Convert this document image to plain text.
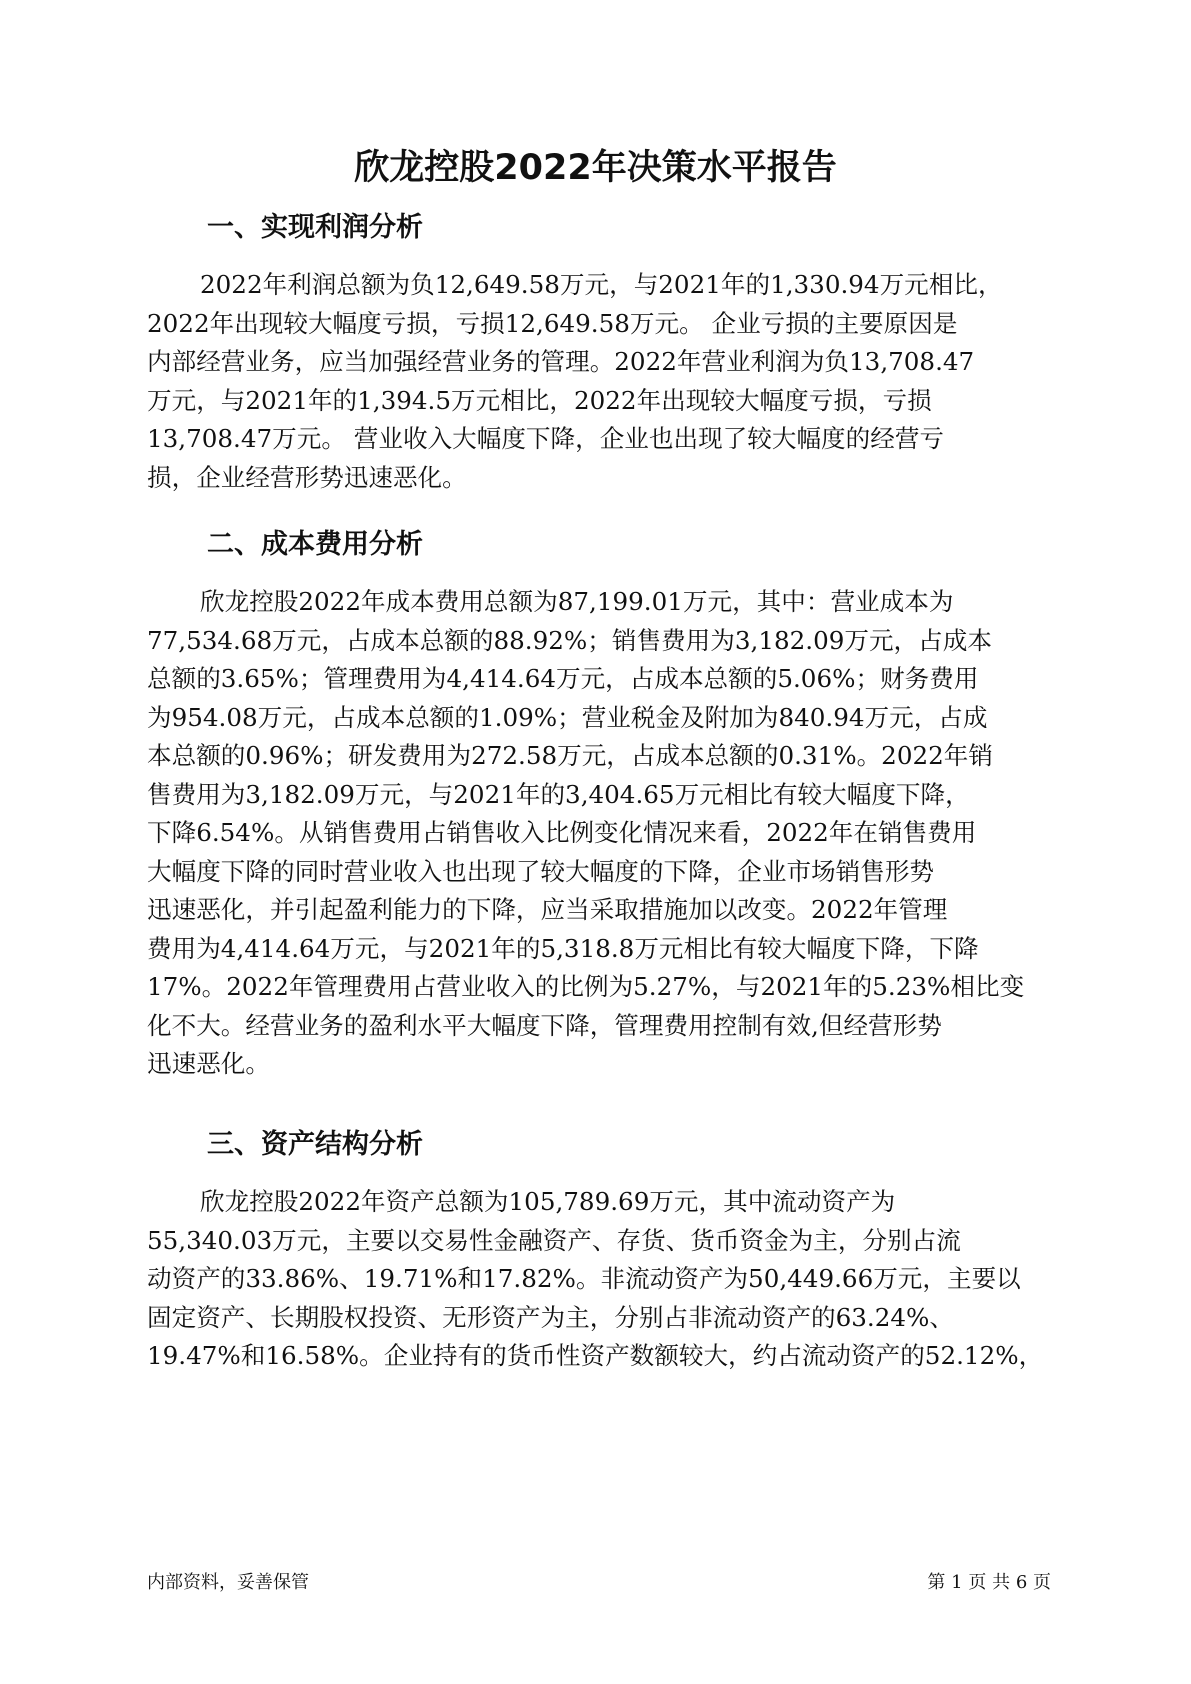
欣龙控股2022年决策水平报告
一、实现利润分析
2022年利润总额为负12,649.58万元，与2021年的1,330.94万元相比，
2022年出现较大幅度亏损，亏损12,649.58万元。 企业亏损的主要原因是
内部经营业务，应当加强经营业务的管理。2022年营业利润为负13,708.47
万元，与2021年的1,394.5万元相比，2022年出现较大幅度亏损，亏损
13,708.47万元。 营业收入大幅度下降，企业也出现了较大幅度的经营亏
损，企业经营形势迅速恶化。
二、成本费用分析
欣龙控股2022年成本费用总额为87,199.01万元，其中：营业成本为
77,534.68万元，占成本总额的88.92%；销售费用为3,182.09万元，占成本
总额的3.65%；管理费用为4,414.64万元，占成本总额的5.06%；财务费用
为954.08万元，占成本总额的1.09%；营业税金及附加为840.94万元，占成
本总额的0.96%；研发费用为272.58万元，占成本总额的0.31%。2022年销
售费用为3,182.09万元，与2021年的3,404.65万元相比有较大幅度下降，
下降6.54%。从销售费用占销售收入比例变化情况来看，2022年在销售费用
大幅度下降的同时营业收入也出现了较大幅度的下降，企业市场销售形势
迅速恶化，并引起盈利能力的下降，应当采取措施加以改变。2022年管理
费用为4,414.64万元，与2021年的5,318.8万元相比有较大幅度下降，下降
17%。2022年管理费用占营业收入的比例为5.27%，与2021年的5.23%相比变
化不大。经营业务的盈利水平大幅度下降，管理费用控制有效,但经营形势
迅速恶化。
三、资产结构分析
欣龙控股2022年资产总额为105,789.69万元，其中流动资产为
55,340.03万元，主要以交易性金融资产、存货、货币资金为主，分别占流
动资产的33.86%、19.71%和17.82%。非流动资产为50,449.66万元，主要以
固定资产、长期股权投资、无形资产为主，分别占非流动资产的63.24%、
19.47%和16.58%。企业持有的货币性资产数额较大，约占流动资产的52.12%，
内部资料，妥善保管	第 1 页 共 6 页
